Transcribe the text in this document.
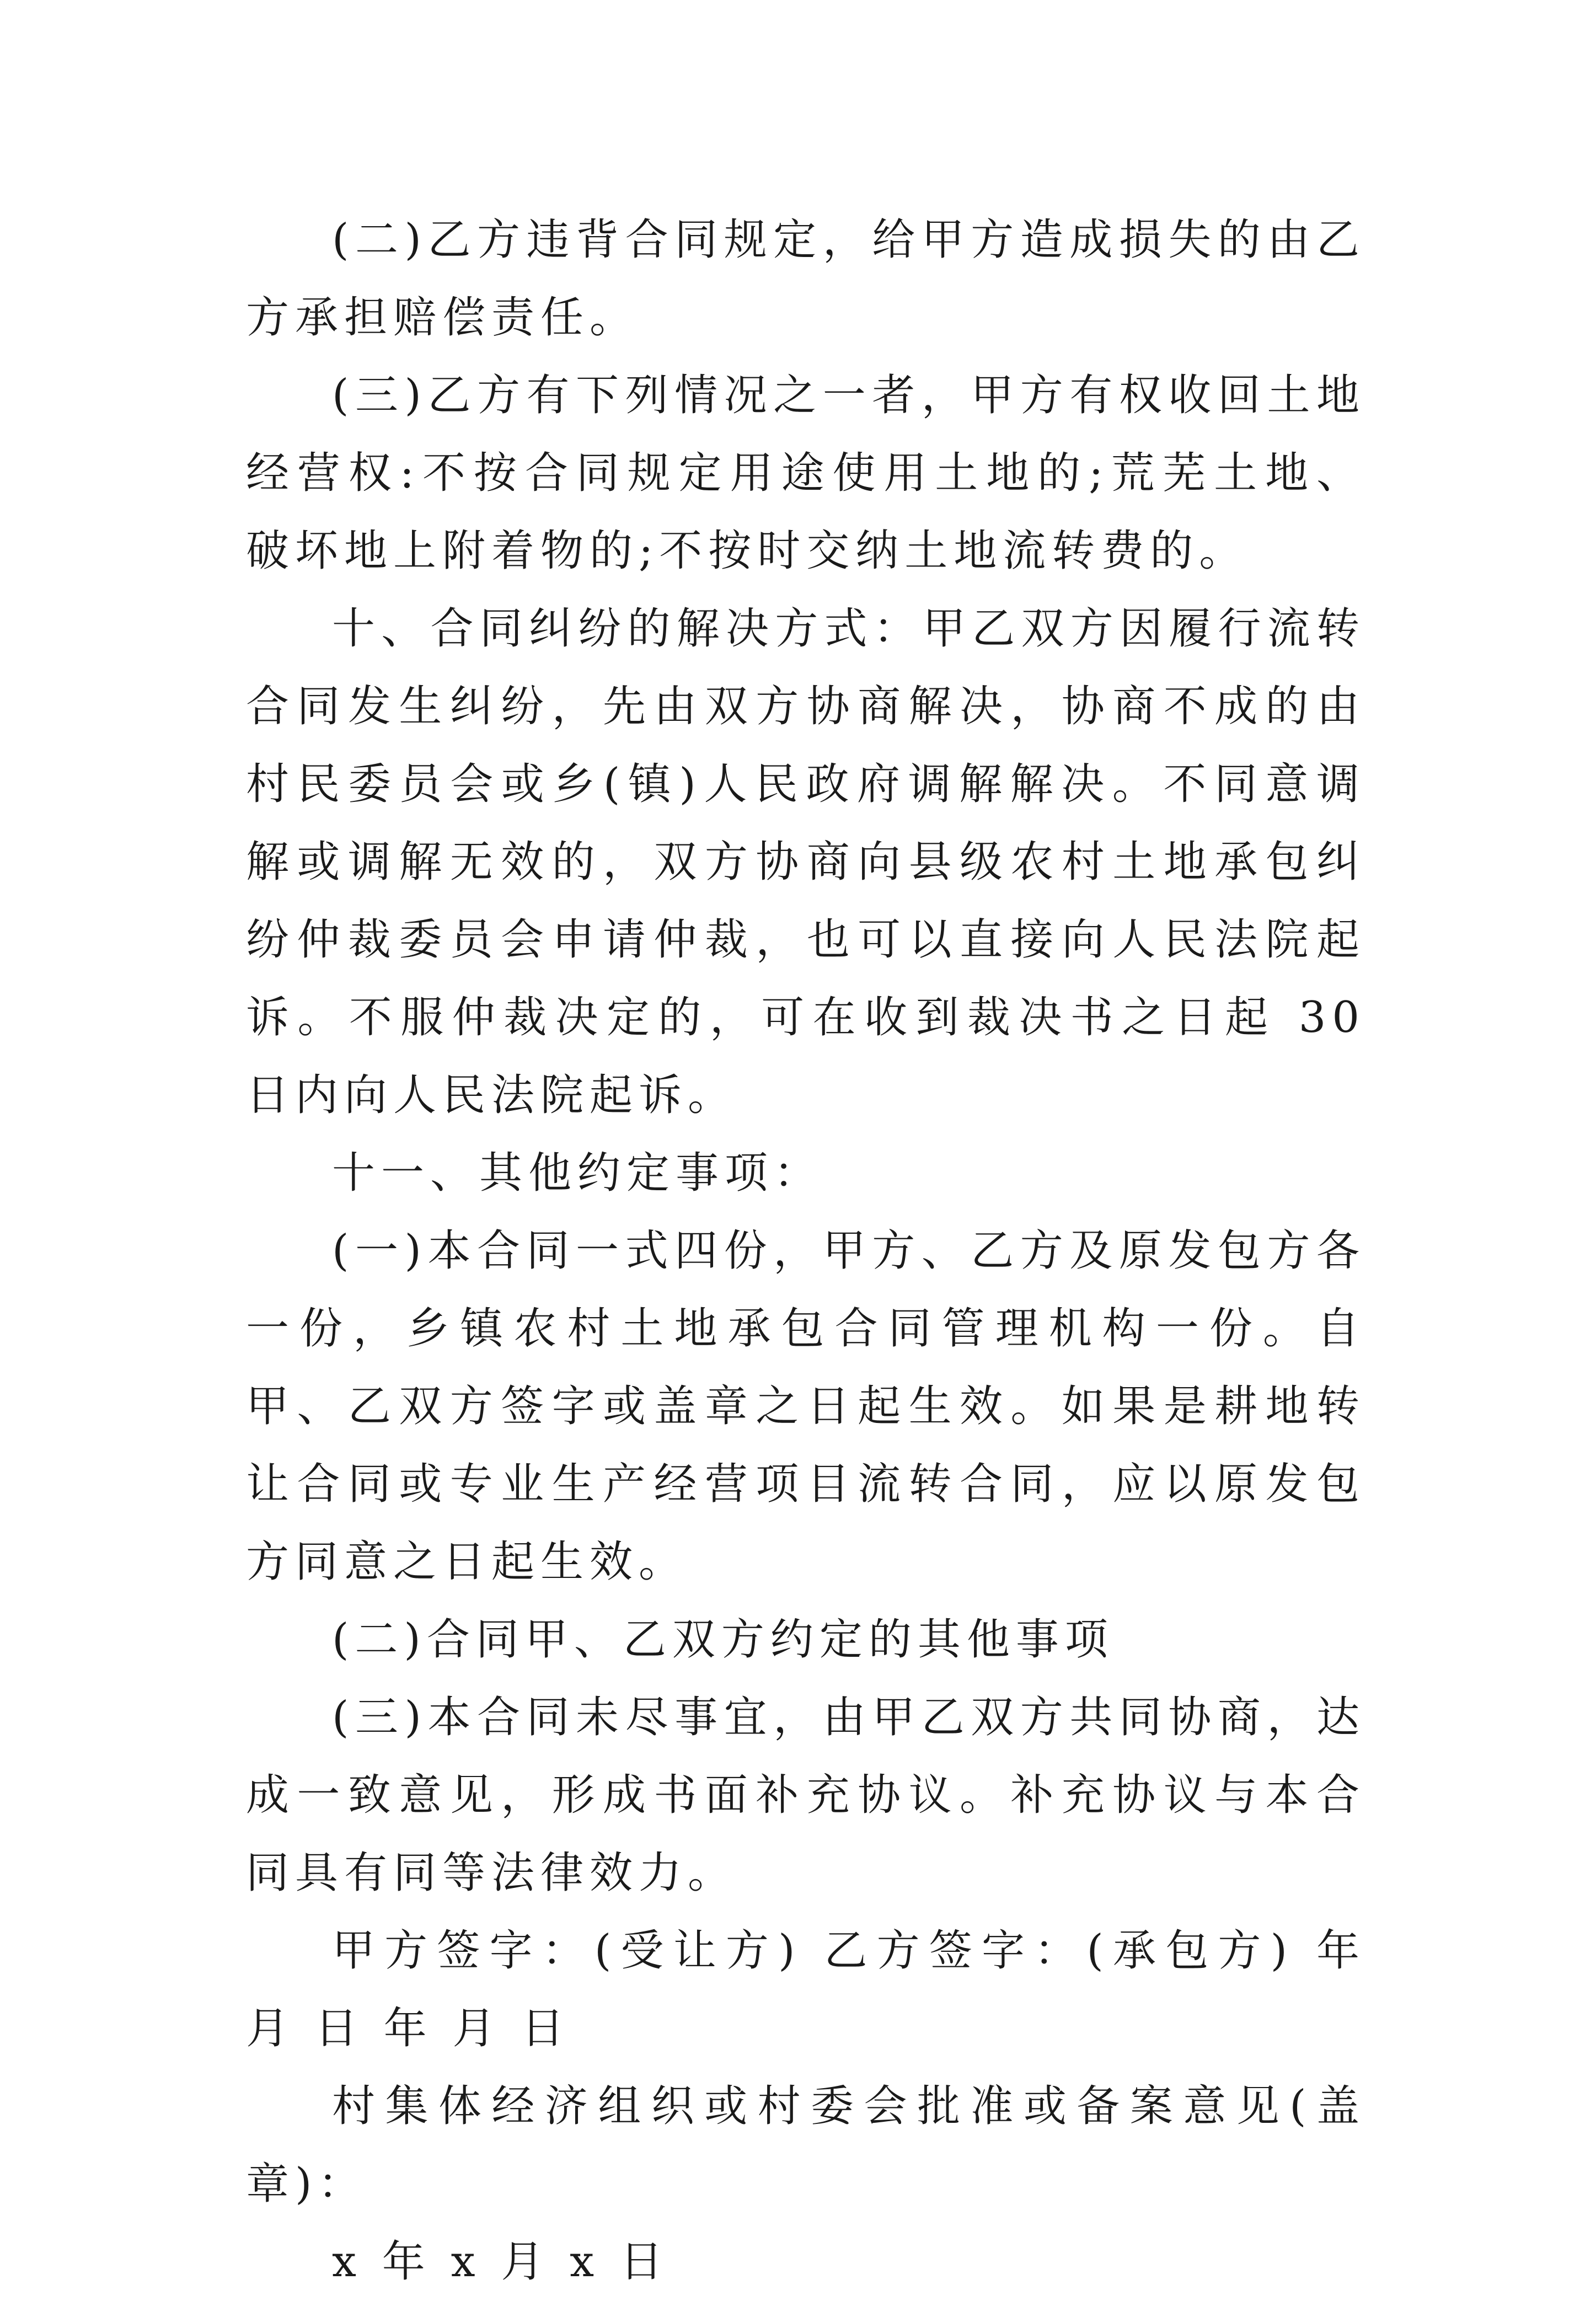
(二)乙方违背合同规定，给甲方造成损失的由乙方承担赔偿责任。

(三)乙方有下列情况之一者，甲方有权收回土地经营权:不按合同规定用途使用土地的;荒芜土地、破坏地上附着物的;不按时交纳土地流转费的。

十、合同纠纷的解决方式：甲乙双方因履行流转合同发生纠纷，先由双方协商解决，协商不成的由村民委员会或乡(镇)人民政府调解解决。不同意调解或调解无效的，双方协商向县级农村土地承包纠纷仲裁委员会申请仲裁，也可以直接向人民法院起诉。不服仲裁决定的，可在收到裁决书之日起 30 日内向人民法院起诉。

十一、其他约定事项：

(一)本合同一式四份，甲方、乙方及原发包方各一份，乡镇农村土地承包合同管理机构一份。自甲、乙双方签字或盖章之日起生效。如果是耕地转让合同或专业生产经营项目流转合同，应以原发包方同意之日起生效。

(二)合同甲、乙双方约定的其他事项

(三)本合同未尽事宜，由甲乙双方共同协商，达成一致意见，形成书面补充协议。补充协议与本合同具有同等法律效力。

甲方签字：(受让方) 乙方签字：(承包方) 年 月 日 年 月 日

村集体经济组织或村委会批准或备案意见(盖章)：

x 年 x 月 x 日
